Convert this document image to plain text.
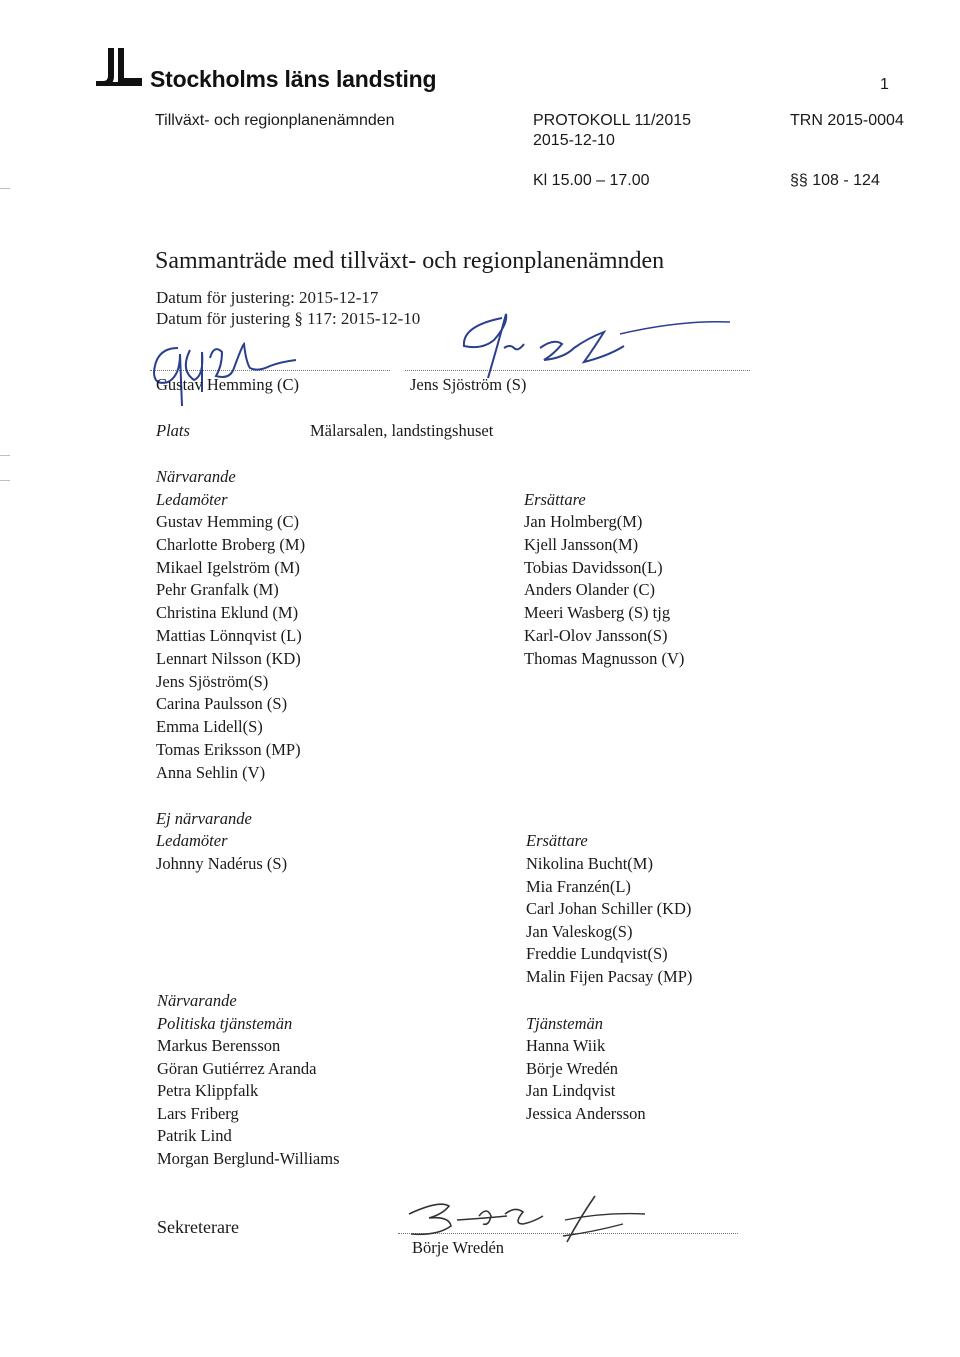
Stockholms läns landsting	1
Tillväxt- och regionplanenämnden	PROTOKOLL 11/2015	TRN 2015-0004
2015-12-10
Kl 15.00 – 17.00	§§ 108 - 124
Sammanträde med tillväxt- och regionplanenämnden
Datum för justering: 2015-12-17
Datum för justering § 117: 2015-12-10
Gustav Hemming (C)	Jens Sjöström (S)
Plats	Mälarsalen, landstingshuset
Närvarande
Ledamöter
Gustav Hemming (C)
Charlotte Broberg (M)
Mikael Igelström (M)
Pehr Granfalk (M)
Christina Eklund (M)
Mattias Lönnqvist (L)
Lennart Nilsson (KD)
Jens Sjöström(S)
Carina Paulsson (S)
Emma Lidell(S)
Tomas Eriksson (MP)
Anna Sehlin (V)
Ersättare
Jan Holmberg(M)
Kjell Jansson(M)
Tobias Davidsson(L)
Anders Olander (C)
Meeri Wasberg (S) tjg
Karl-Olov Jansson(S)
Thomas Magnusson (V)
Ej närvarande
Ledamöter
Johnny Nadérus (S)
Ersättare
Nikolina Bucht(M)
Mia Franzén(L)
Carl Johan Schiller (KD)
Jan Valeskog(S)
Freddie Lundqvist(S)
Malin Fijen Pacsay (MP)
Närvarande
Politiska tjänstemän
Markus Berensson
Göran Gutiérrez Aranda
Petra Klippfalk
Lars Friberg
Patrik Lind
Morgan Berglund-Williams
Tjänstemän
Hanna Wiik
Börje Wredén
Jan Lindqvist
Jessica Andersson
Sekreterare
Börje Wredén
